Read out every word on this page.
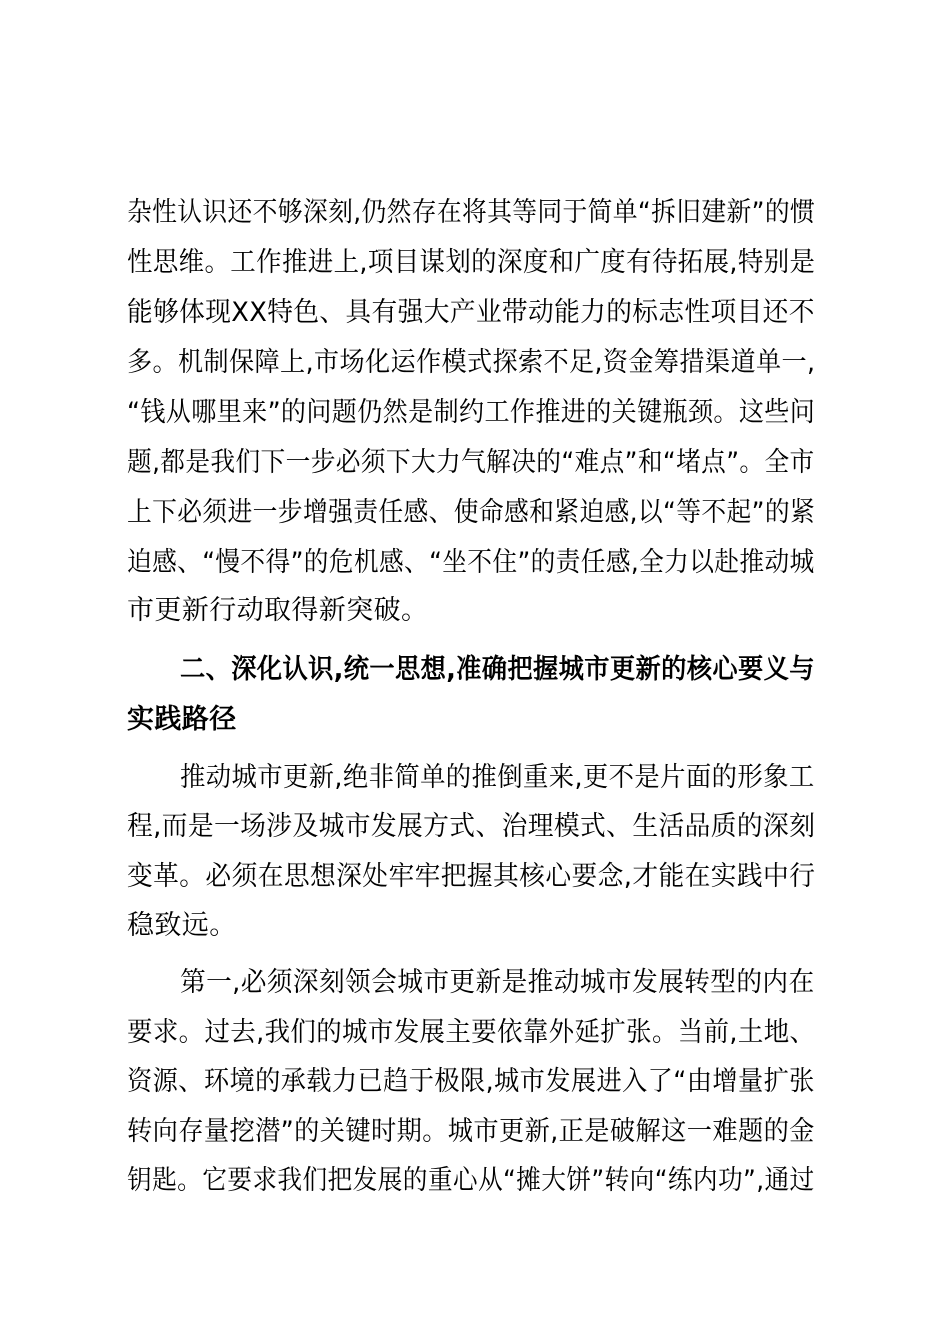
杂性认识还不够深刻,仍然存在将其等同于简单“拆旧建新”的惯
性思维。工作推进上,项目谋划的深度和广度有待拓展,特别是
能够体现XX特色、具有强大产业带动能力的标志性项目还不
多。机制保障上,市场化运作模式探索不足,资金筹措渠道单一,
“钱从哪里来”的问题仍然是制约工作推进的关键瓶颈。这些问
题,都是我们下一步必须下大力气解决的“难点”和“堵点”。全市
上下必须进一步增强责任感、使命感和紧迫感,以“等不起”的紧
迫感、“慢不得”的危机感、“坐不住”的责任感,全力以赴推动城
市更新行动取得新突破。
二、深化认识,统一思想,准确把握城市更新的核心要义与
实践路径
推动城市更新,绝非简单的推倒重来,更不是片面的形象工
程,而是一场涉及城市发展方式、治理模式、生活品质的深刻
变革。必须在思想深处牢牢把握其核心要念,才能在实践中行
稳致远。
第一,必须深刻领会城市更新是推动城市发展转型的内在
要求。过去,我们的城市发展主要依靠外延扩张。当前,土地、
资源、环境的承载力已趋于极限,城市发展进入了“由增量扩张
转向存量挖潜”的关键时期。城市更新,正是破解这一难题的金
钥匙。它要求我们把发展的重心从“摊大饼”转向“练内功”,通过
